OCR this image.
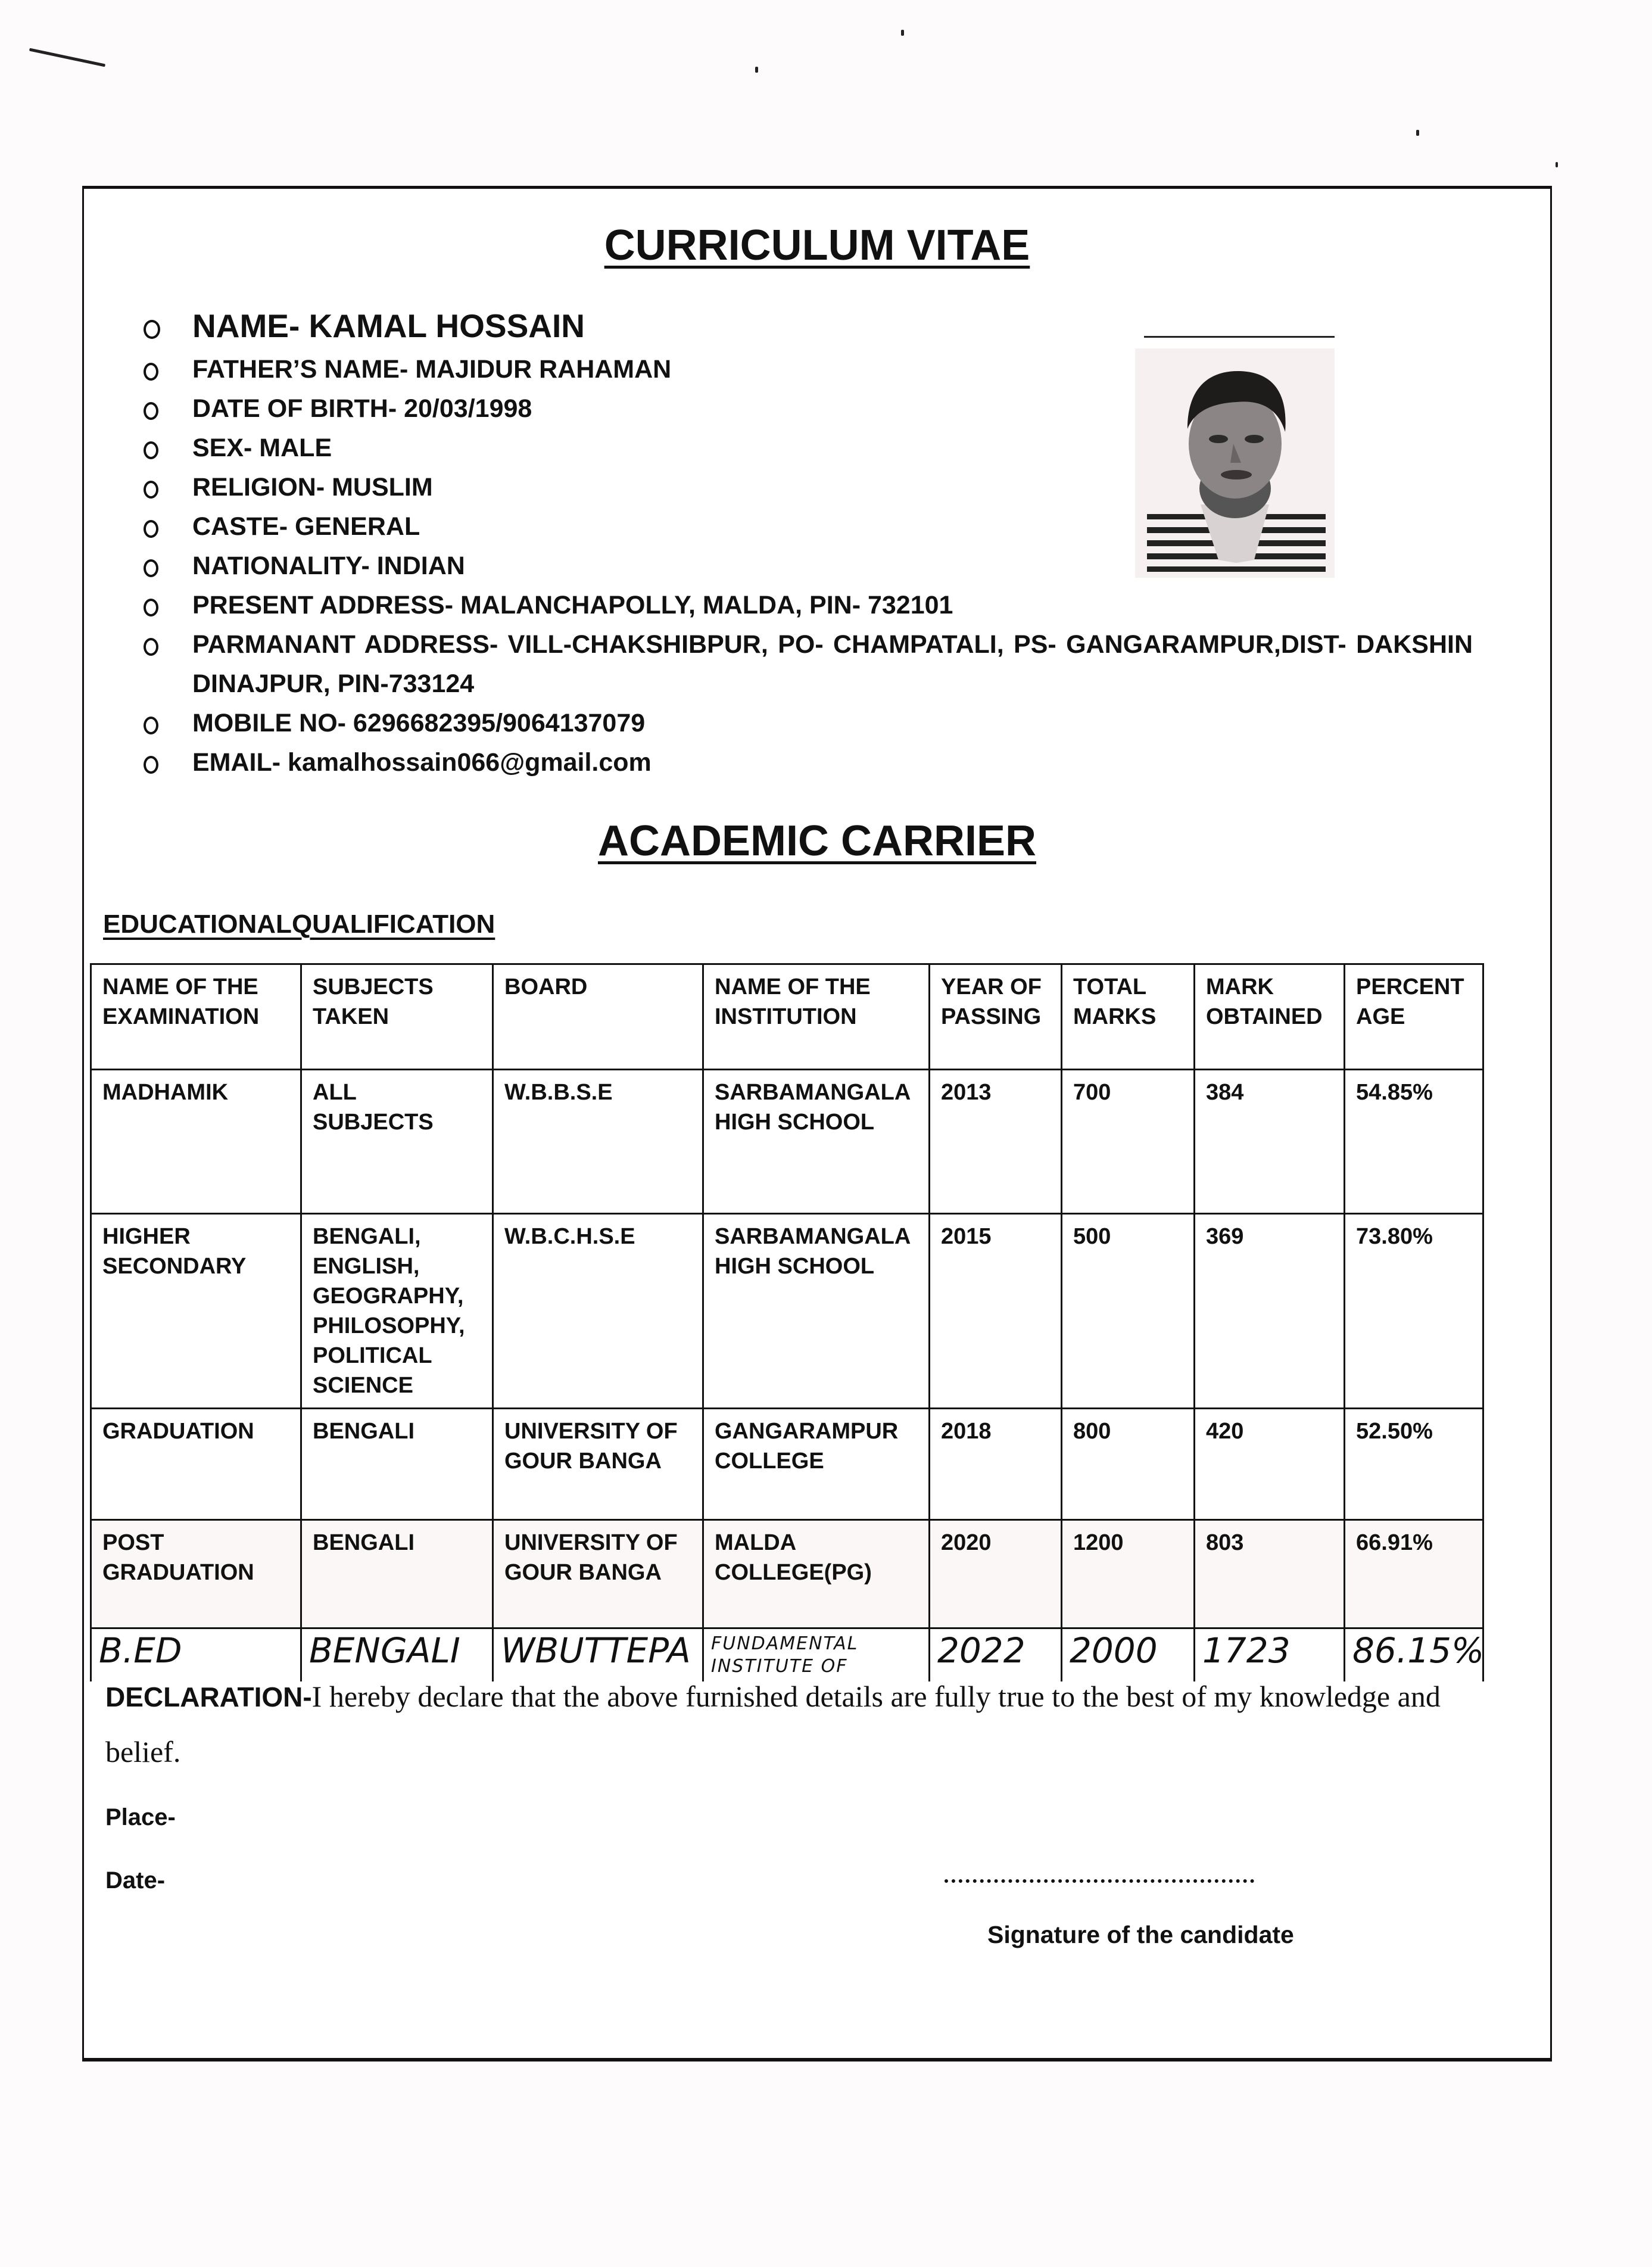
CURRICULUM VITAE
NAME- KAMAL HOSSAIN
FATHER’S NAME- MAJIDUR RAHAMAN
DATE OF BIRTH- 20/03/1998
SEX- MALE
RELIGION- MUSLIM
CASTE- GENERAL
NATIONALITY- INDIAN
PRESENT ADDRESS- MALANCHAPOLLY, MALDA, PIN- 732101
PARMANANT ADDRESS- VILL-CHAKSHIBPUR, PO- CHAMPATALI, PS- GANGARAMPUR,DIST- DAKSHIN DINAJPUR, PIN-733124
MOBILE NO- 6296682395/9064137079
EMAIL- kamalhossain066@gmail.com
ACADEMIC CARRIER
EDUCATIONALQUALIFICATION
NAME OF THE EXAMINATION	SUBJECTS TAKEN	BOARD	NAME OF THE INSTITUTION	YEAR OF PASSING	TOTAL MARKS	MARK OBTAINED	PERCENT AGE
MADHAMIK	ALL SUBJECTS	W.B.B.S.E	SARBAMANGALA HIGH SCHOOL	2013	700	384	54.85%
HIGHER SECONDARY	BENGALI, ENGLISH, GEOGRAPHY, PHILOSOPHY, POLITICAL SCIENCE	W.B.C.H.S.E	SARBAMANGALA HIGH SCHOOL	2015	500	369	73.80%
GRADUATION	BENGALI	UNIVERSITY OF GOUR BANGA	GANGARAMPUR COLLEGE	2018	800	420	52.50%
POST GRADUATION	BENGALI	UNIVERSITY OF GOUR BANGA	MALDA COLLEGE(PG)	2020	1200	803	66.91%
B.ED	BENGALI	WBUTTEPA	FUNDAMENTAL INSTITUTE OF	2022	2000	1723	86.15%
DECLARATION-I hereby declare that the above furnished details are fully true to the best of my knowledge and belief.
Place-
Date-
Signature of the candidate
